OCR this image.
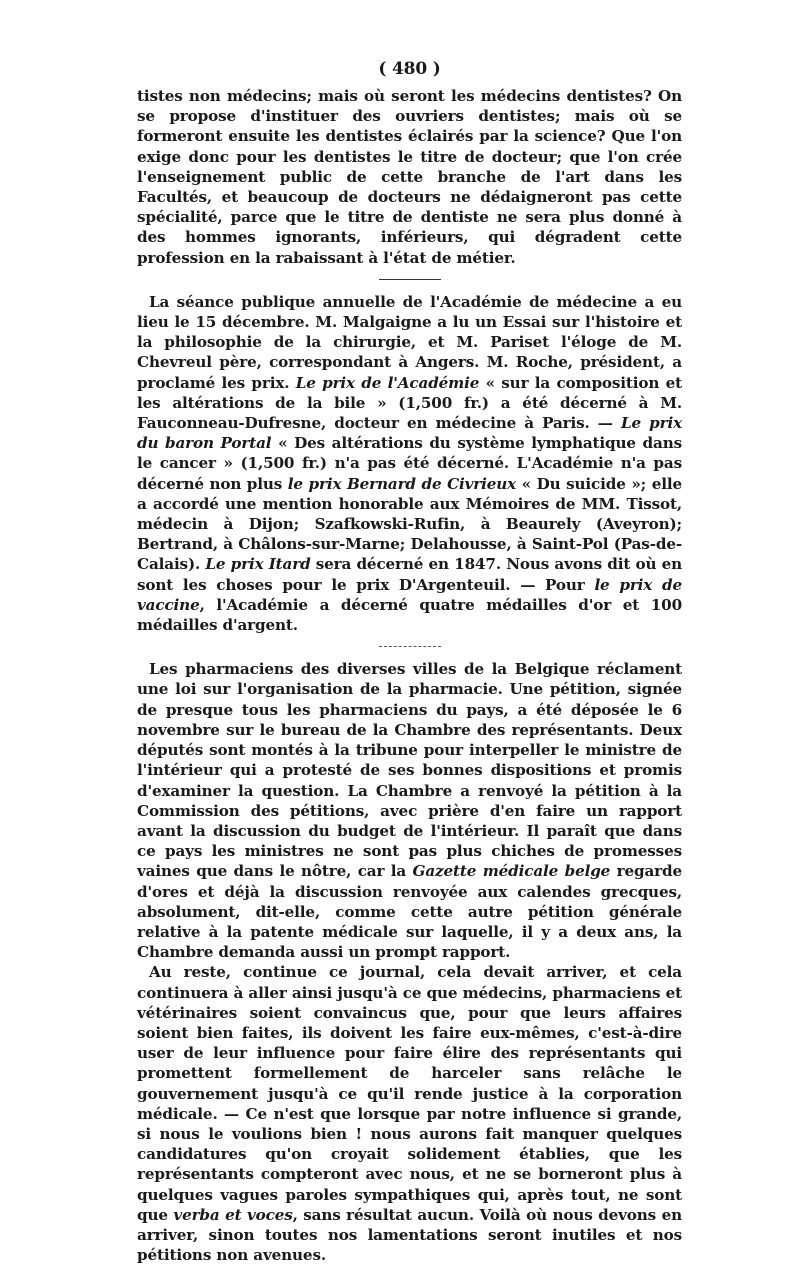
( 480 )

tistes non médecins; mais où seront les médecins dentistes? On se propose d'instituer des ouvriers dentistes; mais où se formeront ensuite les dentistes éclairés par la science? Que l'on exige donc pour les dentistes le titre de docteur; que l'on crée l'enseignement public de cette branche de l'art dans les Facultés, et beaucoup de docteurs ne dédaigneront pas cette spécialité, parce que le titre de dentiste ne sera plus donné à des hommes ignorants, inférieurs, qui dégradent cette profession en la rabaissant à l'état de métier.

La séance publique annuelle de l'Académie de médecine a eu lieu le 15 décembre. M. Malgaigne a lu un Essai sur l'histoire et la philosophie de la chirurgie, et M. Pariset l'éloge de M. Chevreul père, correspondant à Angers. M. Roche, président, a proclamé les prix. Le prix de l'Académie « sur la composition et les altérations de la bile » (1,500 fr.) a été décerné à M. Fauconneau-Dufresne, docteur en médecine à Paris. — Le prix du baron Portal « Des altérations du système lymphatique dans le cancer » (1,500 fr.) n'a pas été décerné. L'Académie n'a pas décerné non plus le prix Bernard de Civrieux « Du suicide »; elle a accordé une mention honorable aux Mémoires de MM. Tissot, médecin à Dijon; Szafkowski-Rufin, à Beaurely (Aveyron); Bertrand, à Châlons-sur-Marne; Delahousse, à Saint-Pol (Pas-de-Calais). Le prix Itard sera décerné en 1847. Nous avons dit où en sont les choses pour le prix D'Argenteuil. — Pour le prix de vaccine, l'Académie a décerné quatre médailles d'or et 100 médailles d'argent.

Les pharmaciens des diverses villes de la Belgique réclament une loi sur l'organisation de la pharmacie. Une pétition, signée de presque tous les pharmaciens du pays, a été déposée le 6 novembre sur le bureau de la Chambre des représentants. Deux députés sont montés à la tribune pour interpeller le ministre de l'intérieur qui a protesté de ses bonnes dispositions et promis d'examiner la question. La Chambre a renvoyé la pétition à la Commission des pétitions, avec prière d'en faire un rapport avant la discussion du budget de l'intérieur. Il paraît que dans ce pays les ministres ne sont pas plus chiches de promesses vaines que dans le nôtre, car la Gazette médicale belge regarde d'ores et déjà la discussion renvoyée aux calendes grecques, absolument, dit-elle, comme cette autre pétition générale relative à la patente médicale sur laquelle, il y a deux ans, la Chambre demanda aussi un prompt rapport.

Au reste, continue ce journal, cela devait arriver, et cela continuera à aller ainsi jusqu'à ce que médecins, pharmaciens et vétérinaires soient convaincus que, pour que leurs affaires soient bien faites, ils doivent les faire eux-mêmes, c'est-à-dire user de leur influence pour faire élire des représentants qui promettent formellement de harceler sans relâche le gouvernement jusqu'à ce qu'il rende justice à la corporation médicale. — Ce n'est que lorsque par notre influence si grande, si nous le voulions bien ! nous aurons fait manquer quelques candidatures qu'on croyait solidement établies, que les représentants compteront avec nous, et ne se borneront plus à quelques vagues paroles sympathiques qui, après tout, ne sont que verba et voces, sans résultat aucun. Voilà où nous devons en arriver, sinon toutes nos lamentations seront inutiles et nos pétitions non avenues.
